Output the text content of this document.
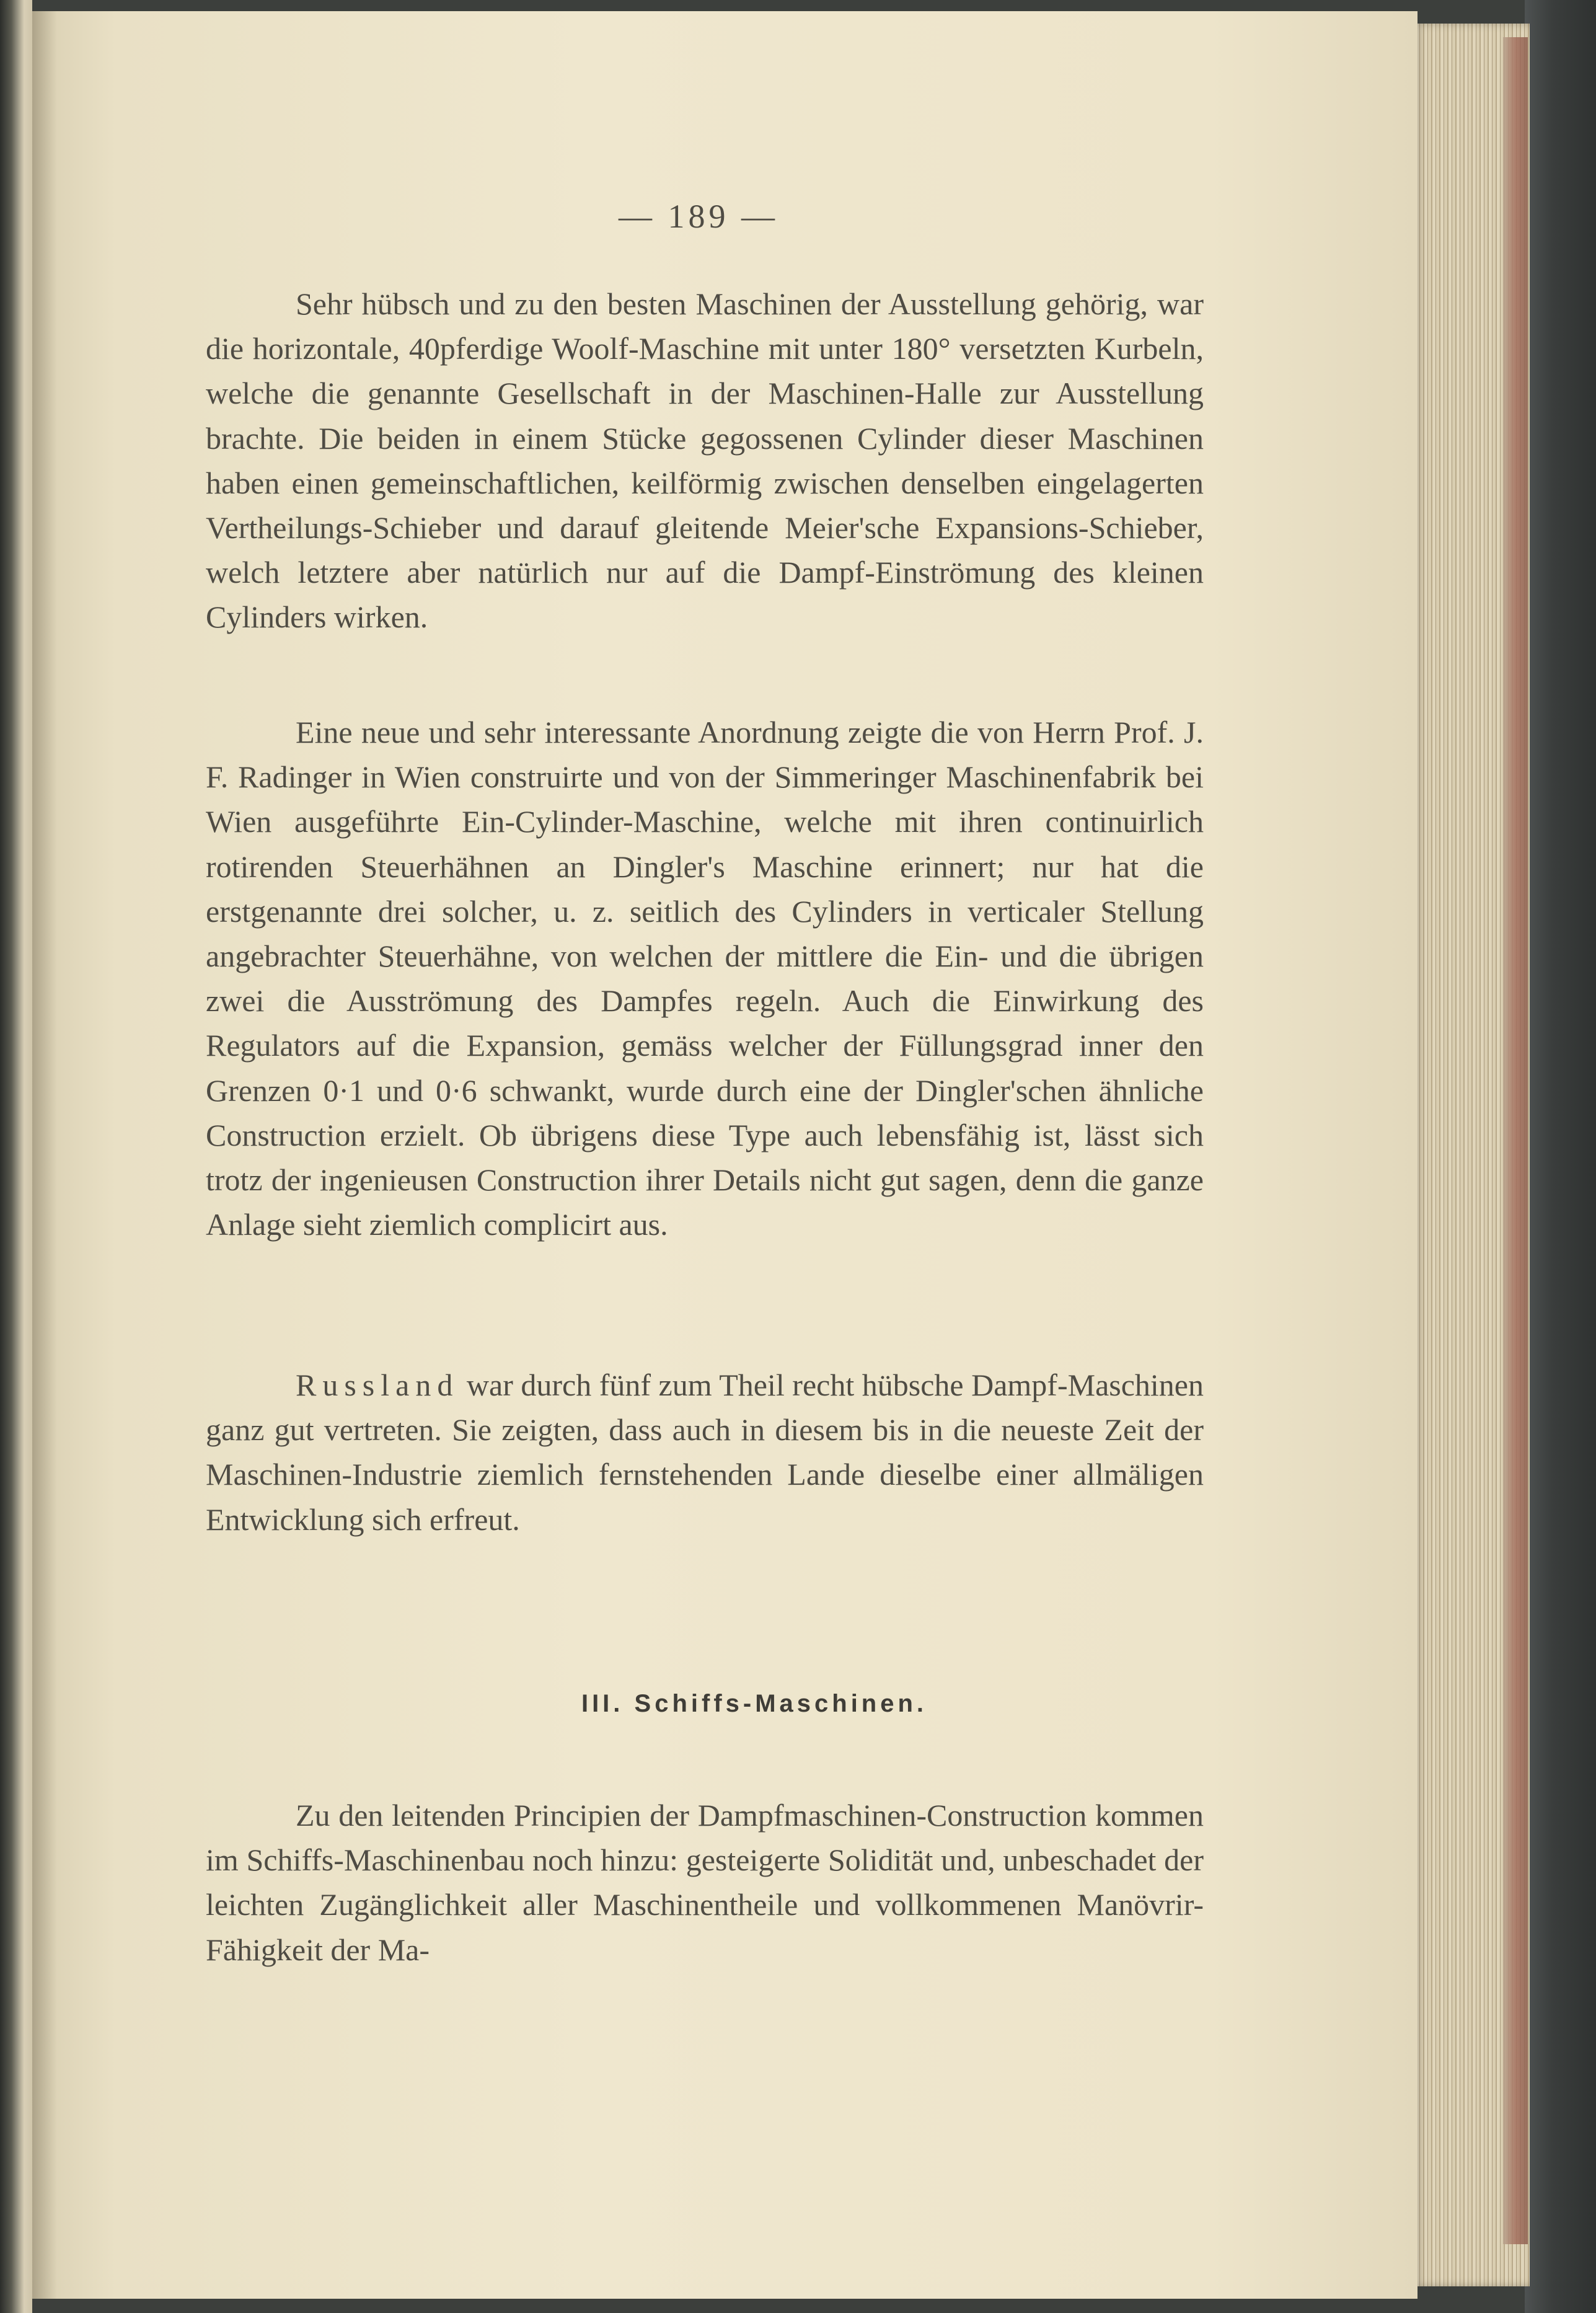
— 189 —

Sehr hübsch und zu den besten Maschinen der Ausstellung gehörig, war die horizontale, 40pferdige Woolf-Maschine mit unter 180° versetzten Kurbeln, welche die genannte Gesellschaft in der Maschinen-Halle zur Ausstellung brachte. Die beiden in einem Stücke gegossenen Cylinder dieser Maschinen haben einen gemeinschaftlichen, keilförmig zwischen denselben eingelagerten Vertheilungs-Schieber und darauf gleitende Meier'sche Expansions-Schieber, welch letztere aber natürlich nur auf die Dampf-Einströmung des kleinen Cylinders wirken.

Eine neue und sehr interessante Anordnung zeigte die von Herrn Prof. J. F. Radinger in Wien construirte und von der Simmeringer Maschinenfabrik bei Wien ausgeführte Ein-Cylinder-Maschine, welche mit ihren continuirlich rotirenden Steuerhähnen an Dingler's Maschine erinnert; nur hat die erstgenannte drei solcher, u. z. seitlich des Cylinders in verticaler Stellung angebrachter Steuerhähne, von welchen der mittlere die Ein- und die übrigen zwei die Ausströmung des Dampfes regeln. Auch die Einwirkung des Regulators auf die Expansion, gemäss welcher der Füllungsgrad inner den Grenzen 0·1 und 0·6 schwankt, wurde durch eine der Dingler'schen ähnliche Construction erzielt. Ob übrigens diese Type auch lebensfähig ist, lässt sich trotz der ingenieusen Construction ihrer Details nicht gut sagen, denn die ganze Anlage sieht ziemlich complicirt aus.

Russland war durch fünf zum Theil recht hübsche Dampf-Maschinen ganz gut vertreten. Sie zeigten, dass auch in diesem bis in die neueste Zeit der Maschinen-Industrie ziemlich fernstehenden Lande dieselbe einer allmäligen Entwicklung sich erfreut.

III. Schiffs-Maschinen.

Zu den leitenden Principien der Dampfmaschinen-Construction kommen im Schiffs-Maschinenbau noch hinzu: gesteigerte Solidität und, unbeschadet der leichten Zugänglichkeit aller Maschinentheile und vollkommenen Manövrir-Fähigkeit der Ma-
